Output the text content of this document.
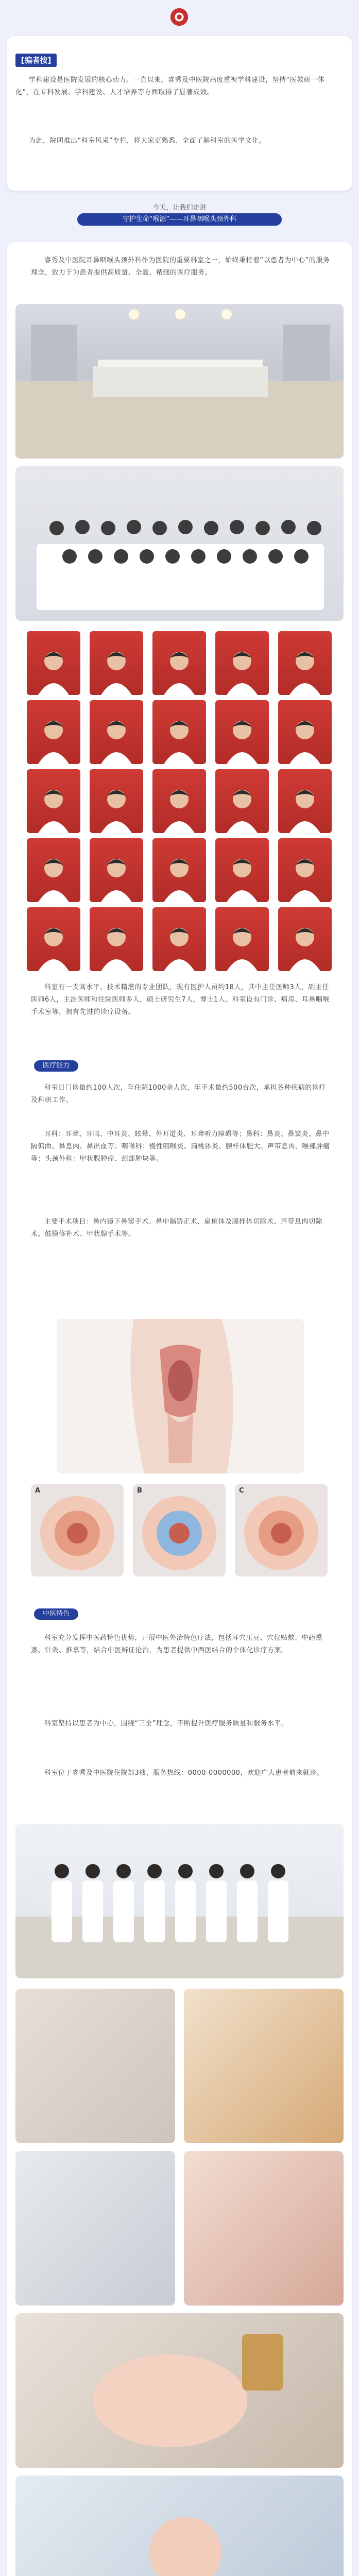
[编者按]
学科建设是医院发展的核心动力。一直以来，睿秀及中医院高度重视学科建设，坚持“医教研一体化”，在专科发展、学科建设、人才培养等方面取得了显著成效。
为此，院团推出“科室风采”专栏，将大家更熟悉、全面了解科室的医学文化。
今天，让我们走进
守护生命“喉源”——耳鼻咽喉头颈外科
睿秀及中医院耳鼻咽喉头颈外科作为医院的重要科室之一，始终秉持着“以患者为中心”的服务理念，致力于为患者提供高质量、全面、精细的医疗服务。
科室有一支高水平、技术精湛的专业团队，现有医护人员约18人，其中主任医师3人，副主任医师6人，主治医师和住院医师多人，硕士研究生7人，博士1人。科室设有门诊、病房、耳鼻咽喉手术室等，拥有先进的诊疗设备。
医疗能力
科室日门诊量约100人次，年住院1000余人次，年手术量约500台次，承担各种疾病的诊疗及科研工作。
耳科：耳聋、耳鸣、中耳炎、眩晕、外耳道炎、耳聋听力障碍等；鼻科：鼻炎、鼻窦炎、鼻中隔偏曲、鼻息肉、鼻出血等；咽喉科：慢性咽喉炎、扁桃体炎、腺样体肥大、声带息肉、喉部肿瘤等；头颈外科：甲状腺肿瘤、颈部肿块等。
主要手术项目：鼻内镜下鼻窦手术、鼻中隔矫正术、扁桃体及腺样体切除术、声带息肉切除术、鼓膜修补术、甲状腺手术等。
A	B	C
中医特色
科室充分发挥中医药特色优势，开展中医外治特色疗法，包括耳穴压豆、穴位贴敷、中药熏蒸、针灸、推拿等，结合中医辨证论治，为患者提供中西医结合的个体化诊疗方案。
科室坚持以患者为中心，围绕“三全”理念，不断提升医疗服务质量和服务水平。
科室位于睿秀及中医院住院部3楼，服务热线：0000-0000000，欢迎广大患者前来就诊。
